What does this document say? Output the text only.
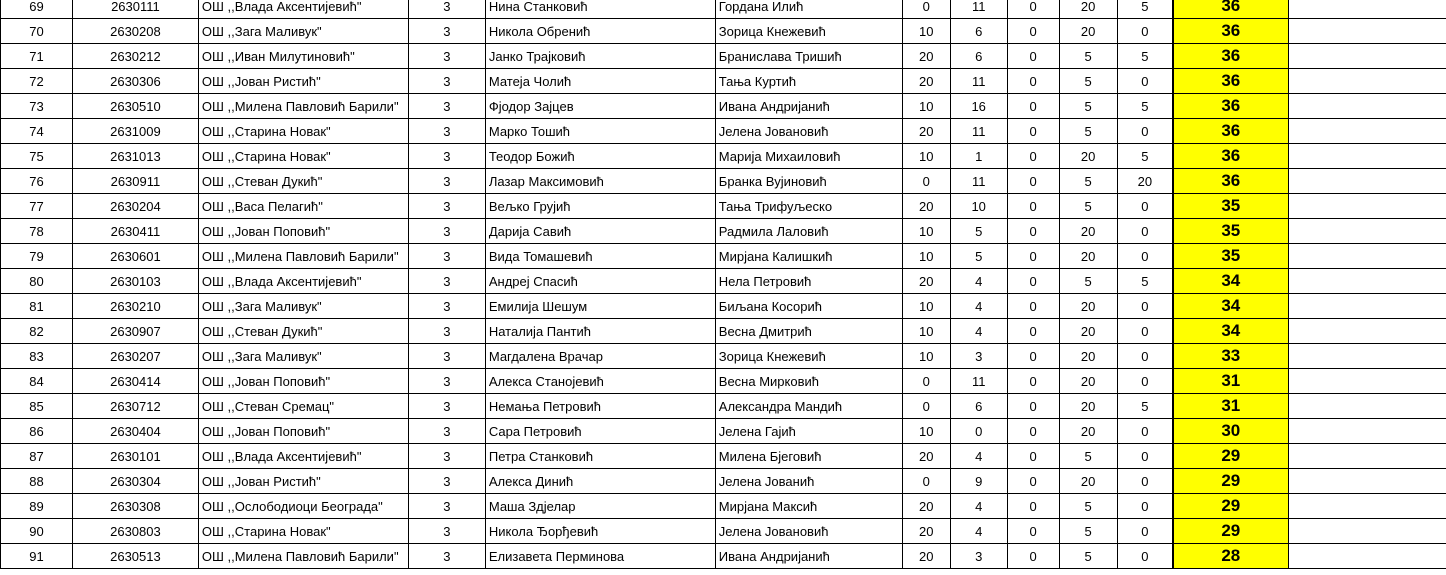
69	2630111	ОШ ,,Влада Аксентијевић"	3	Нина Станковић	Гордана Илић	0	11	0	20	5	36	
70	2630208	ОШ ,,Зага Маливук"	3	Никола Обренић	Зорица Кнежевић	10	6	0	20	0	36	
71	2630212	ОШ ,,Иван Милутиновић"	3	Јанко Трајковић	Бранислава Тришић	20	6	0	5	5	36	
72	2630306	ОШ ,,Јован Ристић"	3	Матеја Чолић	Тања Куртић	20	11	0	5	0	36	
73	2630510	ОШ ,,Милена Павловић Барили"	3	Фјодор Зајцев	Ивана Андријанић	10	16	0	5	5	36	
74	2631009	ОШ ,,Старина Новак"	3	Марко Тошић	Јелена Јовановић	20	11	0	5	0	36	
75	2631013	ОШ ,,Старина Новак"	3	Теодор Божић	Марија Михаиловић	10	1	0	20	5	36	
76	2630911	ОШ ,,Стеван Дукић"	3	Лазар Максимовић	Бранка Вујиновић	0	11	0	5	20	36	
77	2630204	ОШ ,,Васа Пелагић"	3	Вељко Грујић	Тања Трифуљеско	20	10	0	5	0	35	
78	2630411	ОШ ,,Јован Поповић"	3	Дарија Савић	Радмила Лаловић	10	5	0	20	0	35	
79	2630601	ОШ ,,Милена Павловић Барили"	3	Вида Томашевић	Мирјана Калишкић	10	5	0	20	0	35	
80	2630103	ОШ ,,Влада Аксентијевић"	3	Андреј Спасић	Нела Петровић	20	4	0	5	5	34	
81	2630210	ОШ ,,Зага Маливук"	3	Емилија Шешум	Биљана Косорић	10	4	0	20	0	34	
82	2630907	ОШ ,,Стеван Дукић"	3	Наталија Пантић	Весна Дмитрић	10	4	0	20	0	34	
83	2630207	ОШ ,,Зага Маливук"	3	Магдалена Врачар	Зорица Кнежевић	10	3	0	20	0	33	
84	2630414	ОШ ,,Јован Поповић"	3	Алекса Станојевић	Весна Мирковић	0	11	0	20	0	31	
85	2630712	ОШ ,,Стеван Сремац"	3	Немања Петровић	Александра Мандић	0	6	0	20	5	31	
86	2630404	ОШ ,,Јован Поповић"	3	Сара Петровић	Јелена Гајић	10	0	0	20	0	30	
87	2630101	ОШ ,,Влада Аксентијевић"	3	Петра Станковић	Милена Бјеговић	20	4	0	5	0	29	
88	2630304	ОШ ,,Јован Ристић"	3	Алекса Динић	Јелена Јованић	0	9	0	20	0	29	
89	2630308	ОШ ,,Ослободиоци Београда"	3	Маша Здјелар	Мирјана Максић	20	4	0	5	0	29	
90	2630803	ОШ ,,Старина Новак"	3	Никола Ђорђевић	Јелена Јовановић	20	4	0	5	0	29	
91	2630513	ОШ ,,Милена Павловић Барили"	3	Елизавета Перминова	Ивана Андријанић	20	3	0	5	0	28	
